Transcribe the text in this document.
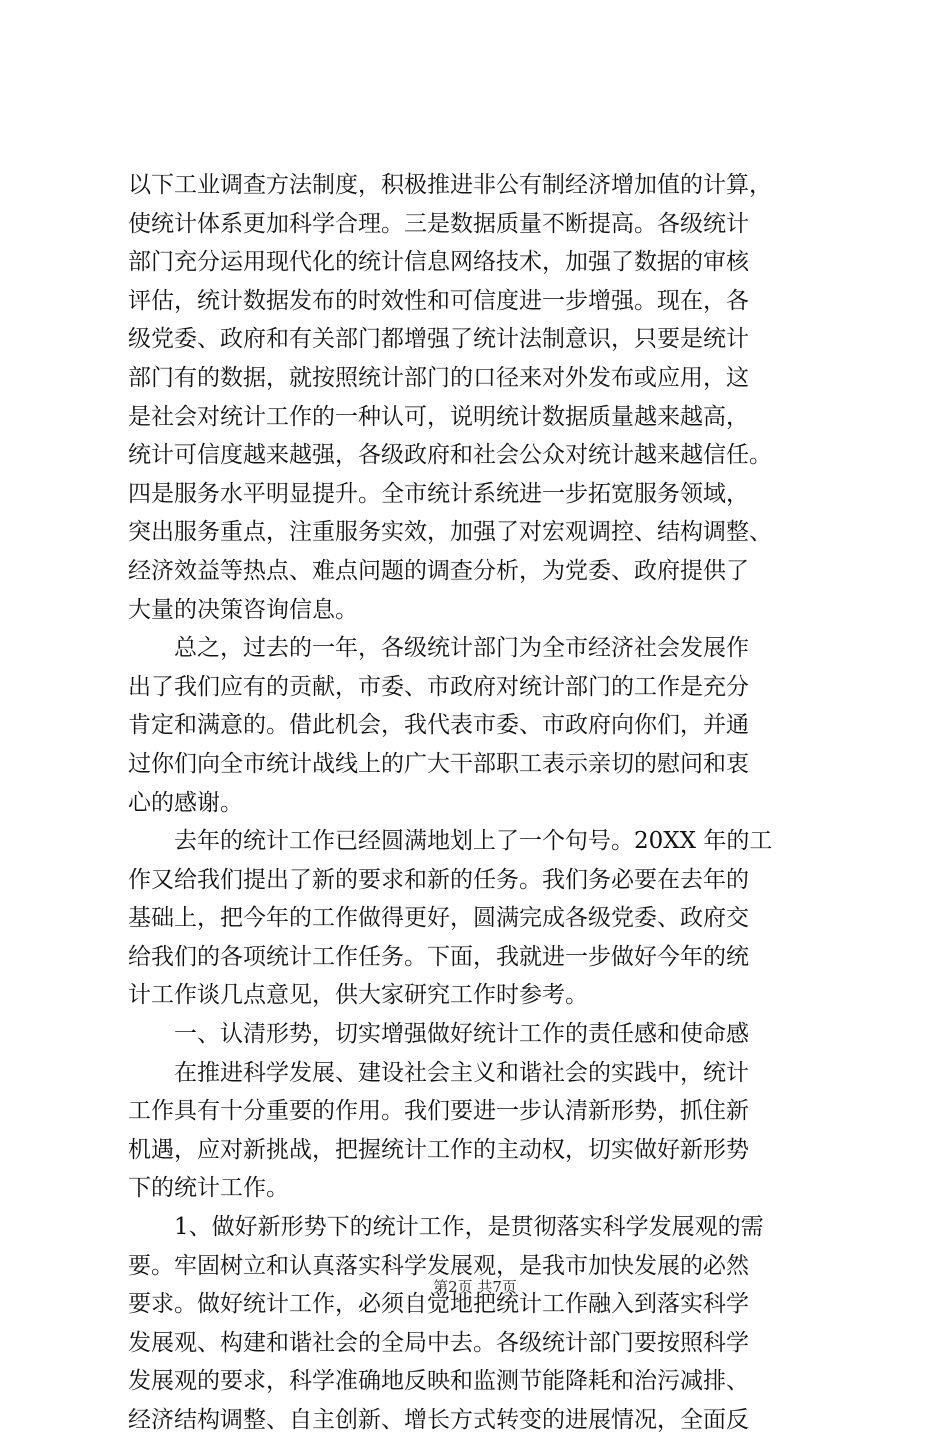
以下工业调查方法制度，积极推进非公有制经济增加值的计算，
使统计体系更加科学合理。三是数据质量不断提高。各级统计
部门充分运用现代化的统计信息网络技术，加强了数据的审核
评估，统计数据发布的时效性和可信度进一步增强。现在，各
级党委、政府和有关部门都增强了统计法制意识，只要是统计
部门有的数据，就按照统计部门的口径来对外发布或应用，这
是社会对统计工作的一种认可，说明统计数据质量越来越高，
统计可信度越来越强，各级政府和社会公众对统计越来越信任。
四是服务水平明显提升。全市统计系统进一步拓宽服务领域，
突出服务重点，注重服务实效，加强了对宏观调控、结构调整、
经济效益等热点、难点问题的调查分析，为党委、政府提供了
大量的决策咨询信息。
　　总之，过去的一年，各级统计部门为全市经济社会发展作
出了我们应有的贡献，市委、市政府对统计部门的工作是充分
肯定和满意的。借此机会，我代表市委、市政府向你们，并通
过你们向全市统计战线上的广大干部职工表示亲切的慰问和衷
心的感谢。
　　去年的统计工作已经圆满地划上了一个句号。20XX 年的工
作又给我们提出了新的要求和新的任务。我们务必要在去年的
基础上，把今年的工作做得更好，圆满完成各级党委、政府交
给我们的各项统计工作任务。下面，我就进一步做好今年的统
计工作谈几点意见，供大家研究工作时参考。
　　一、认清形势，切实增强做好统计工作的责任感和使命感
　　在推进科学发展、建设社会主义和谐社会的实践中，统计
工作具有十分重要的作用。我们要进一步认清新形势，抓住新
机遇，应对新挑战，把握统计工作的主动权，切实做好新形势
下的统计工作。
　　1、做好新形势下的统计工作，是贯彻落实科学发展观的需
要。牢固树立和认真落实科学发展观，是我市加快发展的必然
要求。做好统计工作，必须自觉地把统计工作融入到落实科学
发展观、构建和谐社会的全局中去。各级统计部门要按照科学
发展观的要求，科学准确地反映和监测节能降耗和治污减排、
经济结构调整、自主创新、增长方式转变的进展情况，全面反
第2页 共7页
